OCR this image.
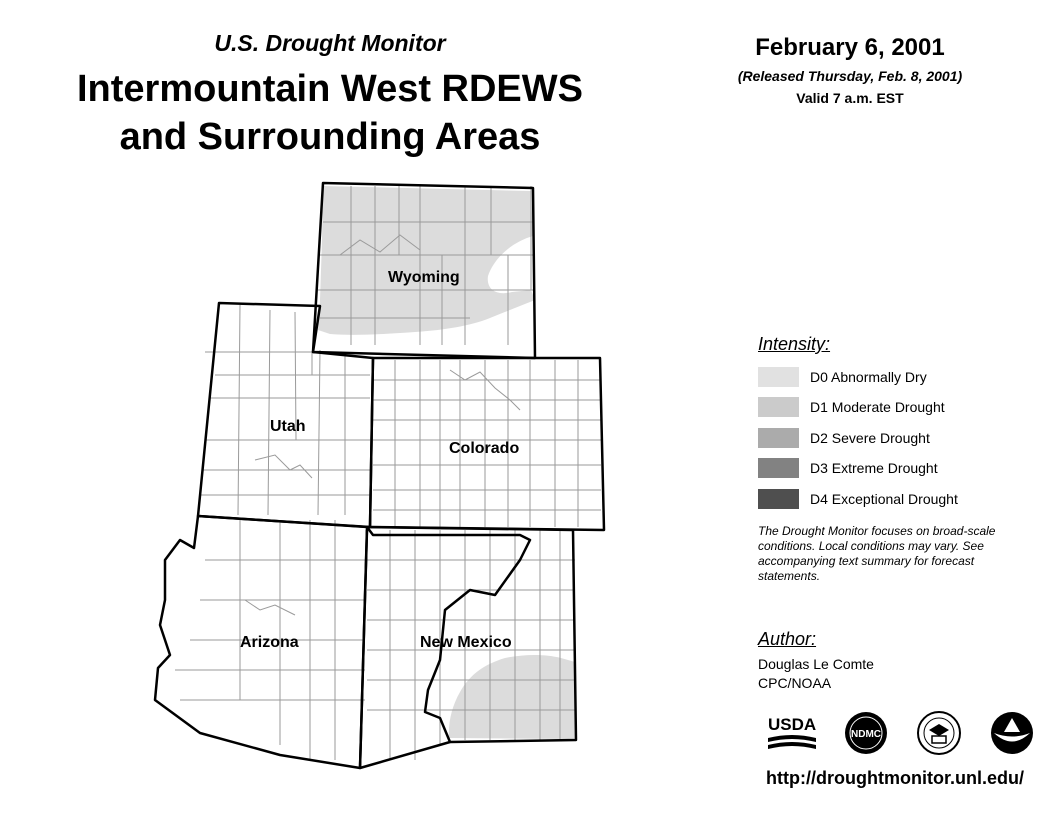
U.S. Drought Monitor
Intermountain West RDEWS
and Surrounding Areas
February 6, 2001
(Released Thursday, Feb. 8, 2001)
Valid 7 a.m. EST
Wyoming
Utah
Colorado
Arizona	New Mexico
Intensity:
D0 Abnormally Dry
D1 Moderate Drought
D2 Severe Drought
D3 Extreme Drought
D4 Exceptional Drought
The Drought Monitor focuses on broad-scale conditions. Local conditions may vary. See accompanying text summary for forecast statements.
Author:
Douglas Le Comte
CPC/NOAA
USDA
NDMC
http://droughtmonitor.unl.edu/
